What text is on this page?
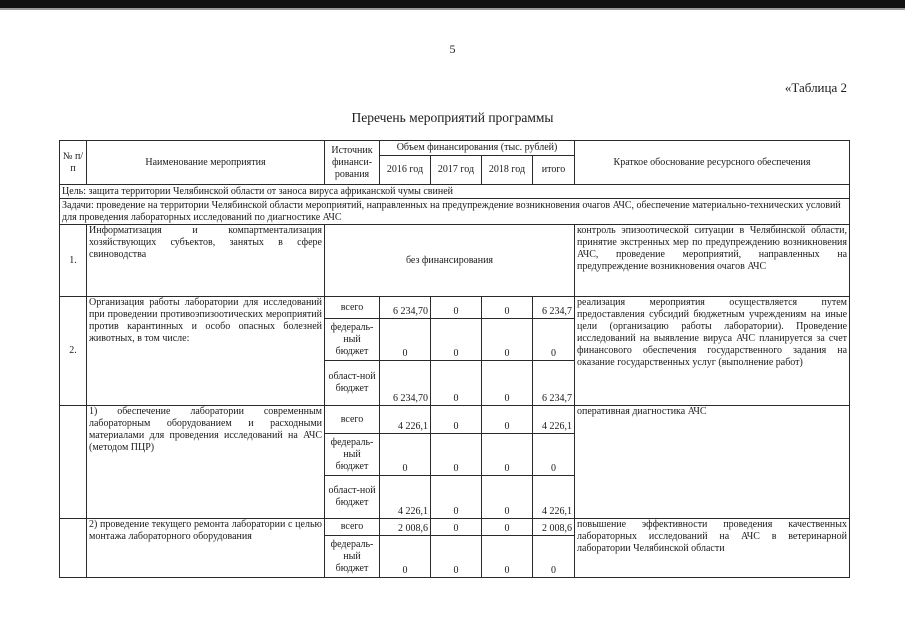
5
«Таблица 2
Перечень мероприятий программы
№ п/п	Наименование мероприятия	Источник финанси-рования	Объем финансирования (тыс. рублей)				Краткое обоснование ресурсного обеспечения
			2016 год	2017 год	2018 год	итого	
Цель: защита территории Челябинской области от заноса вируса африканской чумы свиней							
Задачи: проведение на территории Челябинской области мероприятий, направленных на предупреждение возникновения очагов АЧС, обеспечение материально-технических условий для проведения лабораторных исследований по диагностике АЧС							
1.	Информатизация и компартментализация хозяйствующих субъектов, занятых в сфере свиноводства	без финансирования					контроль эпизоотической ситуации в Челябинской области, принятие экстренных мер по предупреждению возникновения АЧС, проведение мероприятий, направленных на предупреждение возникновения очагов АЧС
2.	Организация работы лаборатории для исследований при проведении противоэпизоотических мероприятий против карантинных и особо опасных болезней животных, в том числе:	всего	6 234,70	0	0	6 234,7	реализация мероприятия осуществляется путем предоставления субсидий бюджетным учреждениям на иные цели (организацию работы лаборатории). Проведение исследований на выявление вируса АЧС планируется за счет финансового обеспечения государственного задания на оказание государственных услуг (выполнение работ)
		федераль-ный бюджет	0	0	0	0	
		област-ной бюджет	6 234,70	0	0	6 234,7	
	1) обеспечение лаборатории современным лабораторным оборудованием и расходными материалами для проведения исследований на АЧС (методом ПЦР)	всего	4 226,1	0	0	4 226,1	оперативная диагностика АЧС
		федераль-ный бюджет	0	0	0	0	
		област-ной бюджет	4 226,1	0	0	4 226,1	
	2) проведение текущего ремонта лаборатории с целью монтажа лабораторного оборудования	всего	2 008,6	0	0	2 008,6	повышение эффективности проведения качественных лабораторных исследований на АЧС в ветеринарной лаборатории Челябинской области
		федераль-ный бюджет	0	0	0	0	
